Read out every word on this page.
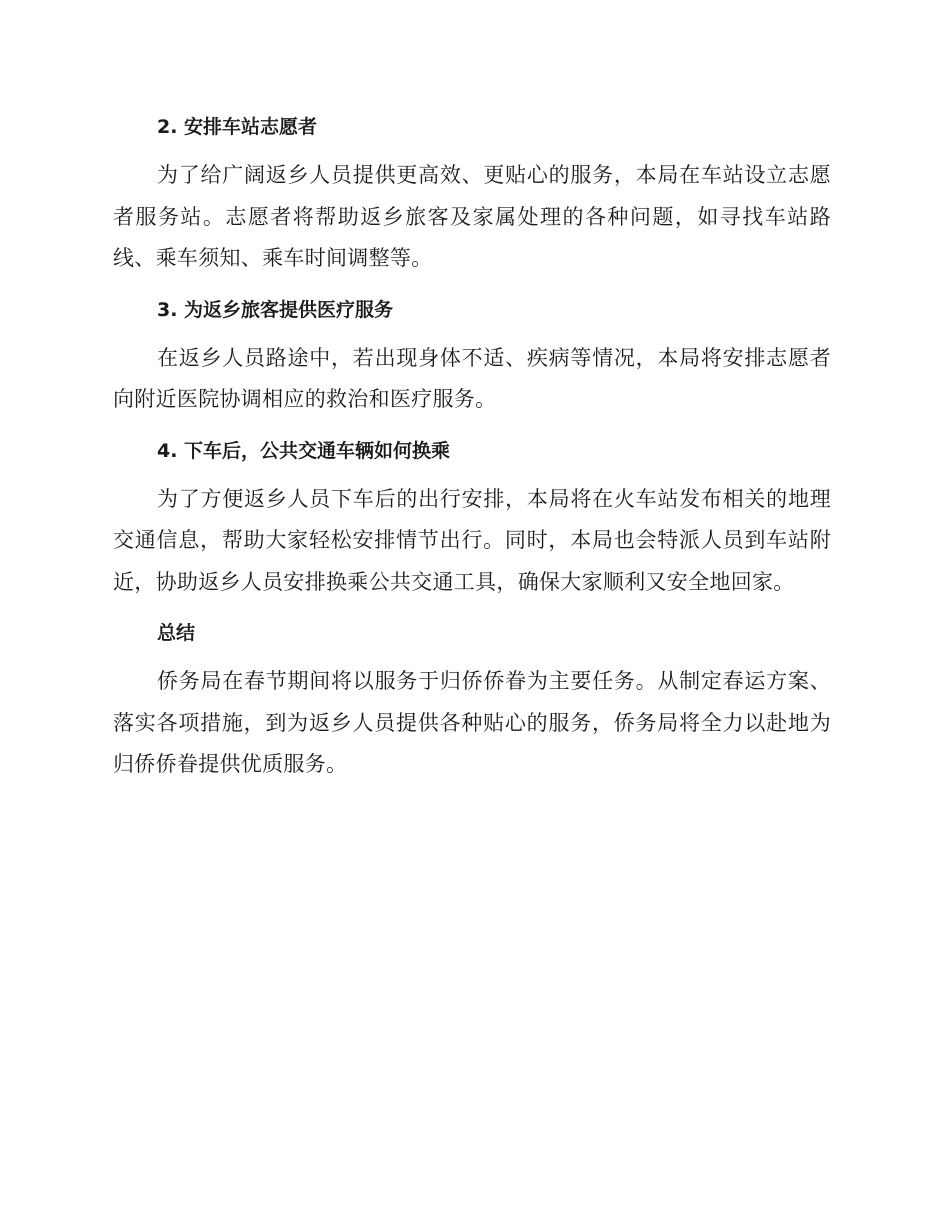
2. 安排车站志愿者

为了给广阔返乡人员提供更高效、更贴心的服务，本局在车站设立志愿者服务站。志愿者将帮助返乡旅客及家属处理的各种问题，如寻找车站路线、乘车须知、乘车时间调整等。

3. 为返乡旅客提供医疗服务

在返乡人员路途中，若出现身体不适、疾病等情况，本局将安排志愿者向附近医院协调相应的救治和医疗服务。

4. 下车后，公共交通车辆如何换乘

为了方便返乡人员下车后的出行安排，本局将在火车站发布相关的地理交通信息，帮助大家轻松安排情节出行。同时，本局也会特派人员到车站附近，协助返乡人员安排换乘公共交通工具，确保大家顺利又安全地回家。

总结

侨务局在春节期间将以服务于归侨侨眷为主要任务。从制定春运方案、落实各项措施，到为返乡人员提供各种贴心的服务，侨务局将全力以赴地为归侨侨眷提供优质服务。
